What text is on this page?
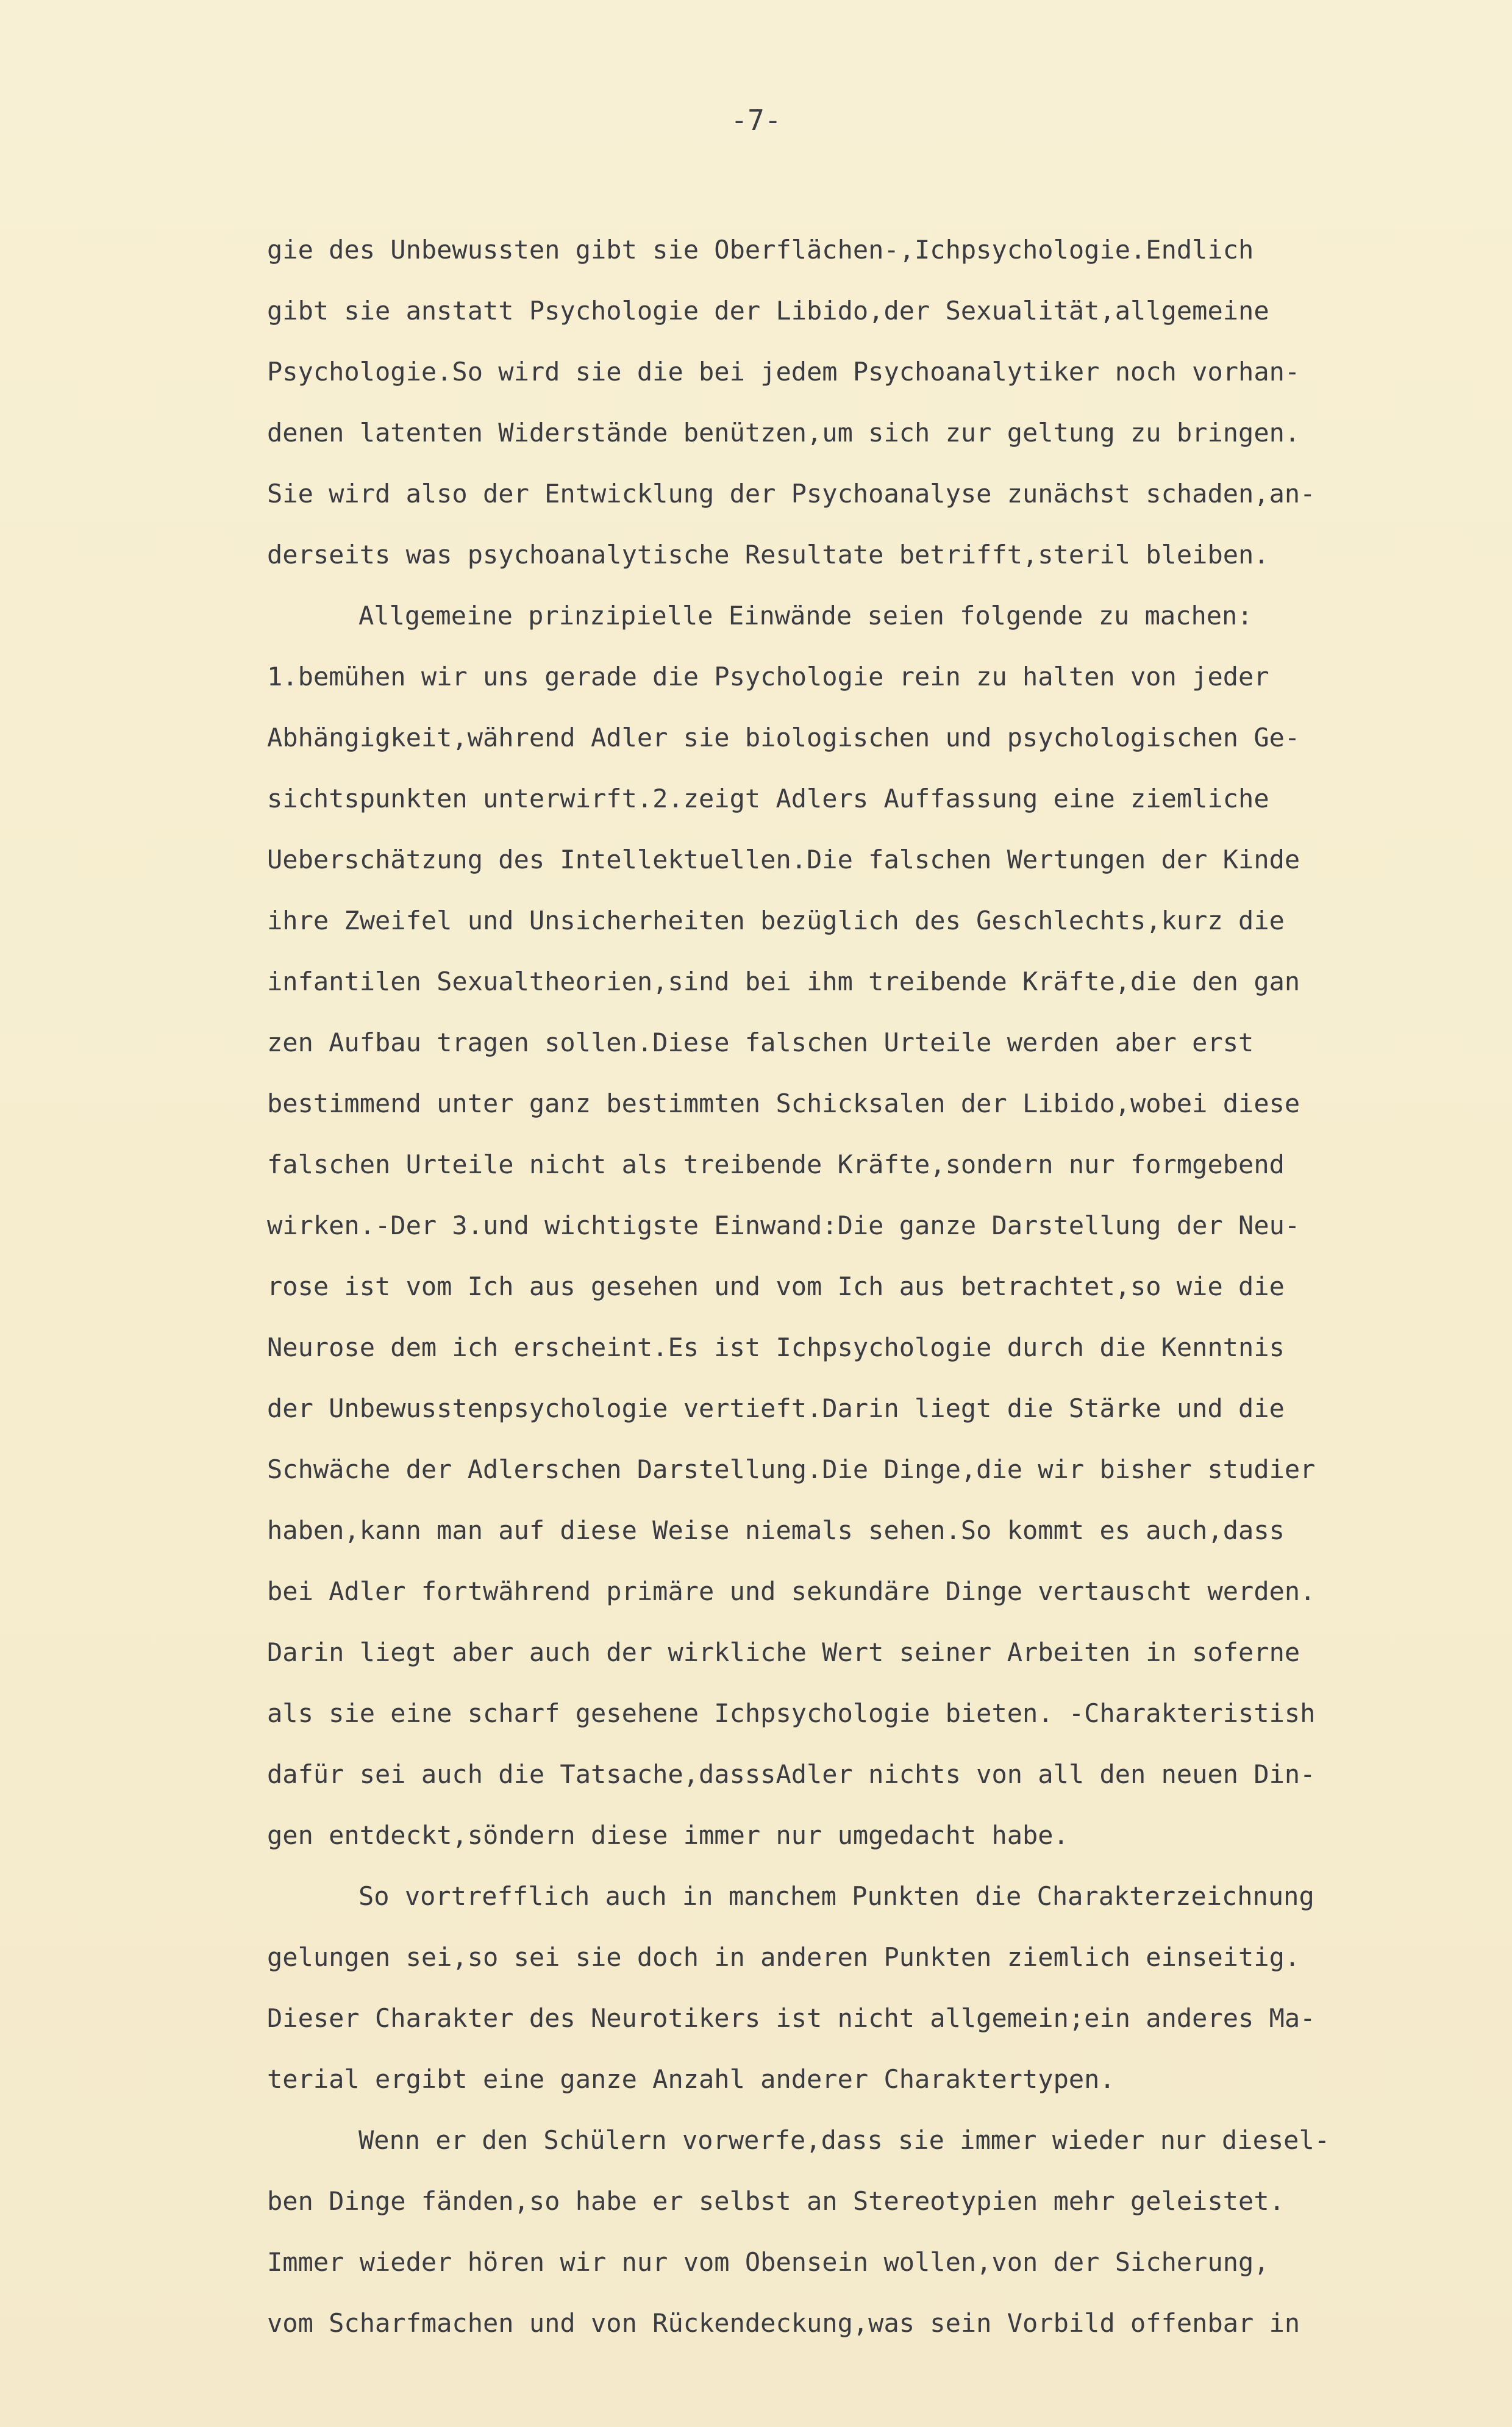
-7-
gie des Unbewussten gibt sie Oberflächen-,Ichpsychologie.Endlich
gibt sie anstatt Psychologie der Libido,der Sexualität,allgemeine
Psychologie.So wird sie die bei jedem Psychoanalytiker noch vorhan-
denen latenten Widerstände benützen,um sich zur geltung zu bringen.
Sie wird also der Entwicklung der Psychoanalyse zunächst schaden,an-
derseits was psychoanalytische Resultate betrifft,steril bleiben.
Allgemeine prinzipielle Einwände seien folgende zu machen:
1.bemühen wir uns gerade die Psychologie rein zu halten von jeder
Abhängigkeit,während Adler sie biologischen und psychologischen Ge-
sichtspunkten unterwirft.2.zeigt Adlers Auffassung eine ziemliche
Ueberschätzung des Intellektuellen.Die falschen Wertungen der Kinde
ihre Zweifel und Unsicherheiten bezüglich des Geschlechts,kurz die
infantilen Sexualtheorien,sind bei ihm treibende Kräfte,die den gan
zen Aufbau tragen sollen.Diese falschen Urteile werden aber erst
bestimmend unter ganz bestimmten Schicksalen der Libido,wobei diese
falschen Urteile nicht als treibende Kräfte,sondern nur formgebend
wirken.-Der 3.und wichtigste Einwand:Die ganze Darstellung der Neu-
rose ist vom Ich aus gesehen und vom Ich aus betrachtet,so wie die
Neurose dem ich erscheint.Es ist Ichpsychologie durch die Kenntnis
der Unbewusstenpsychologie vertieft.Darin liegt die Stärke und die
Schwäche der Adlerschen Darstellung.Die Dinge,die wir bisher studier
haben,kann man auf diese Weise niemals sehen.So kommt es auch,dass
bei Adler fortwährend primäre und sekundäre Dinge vertauscht werden.
Darin liegt aber auch der wirkliche Wert seiner Arbeiten in soferne
als sie eine scharf gesehene Ichpsychologie bieten. -Charakteristish
dafür sei auch die Tatsache,dasssAdler nichts von all den neuen Din-
gen entdeckt,söndern diese immer nur umgedacht habe.
So vortrefflich auch in manchem Punkten die Charakterzeichnung
gelungen sei,so sei sie doch in anderen Punkten ziemlich einseitig.
Dieser Charakter des Neurotikers ist nicht allgemein;ein anderes Ma-
terial ergibt eine ganze Anzahl anderer Charaktertypen.
Wenn er den Schülern vorwerfe,dass sie immer wieder nur diesel-
ben Dinge fänden,so habe er selbst an Stereotypien mehr geleistet.
Immer wieder hören wir nur vom Obensein wollen,von der Sicherung,
vom Scharfmachen und von Rückendeckung,was sein Vorbild offenbar in
